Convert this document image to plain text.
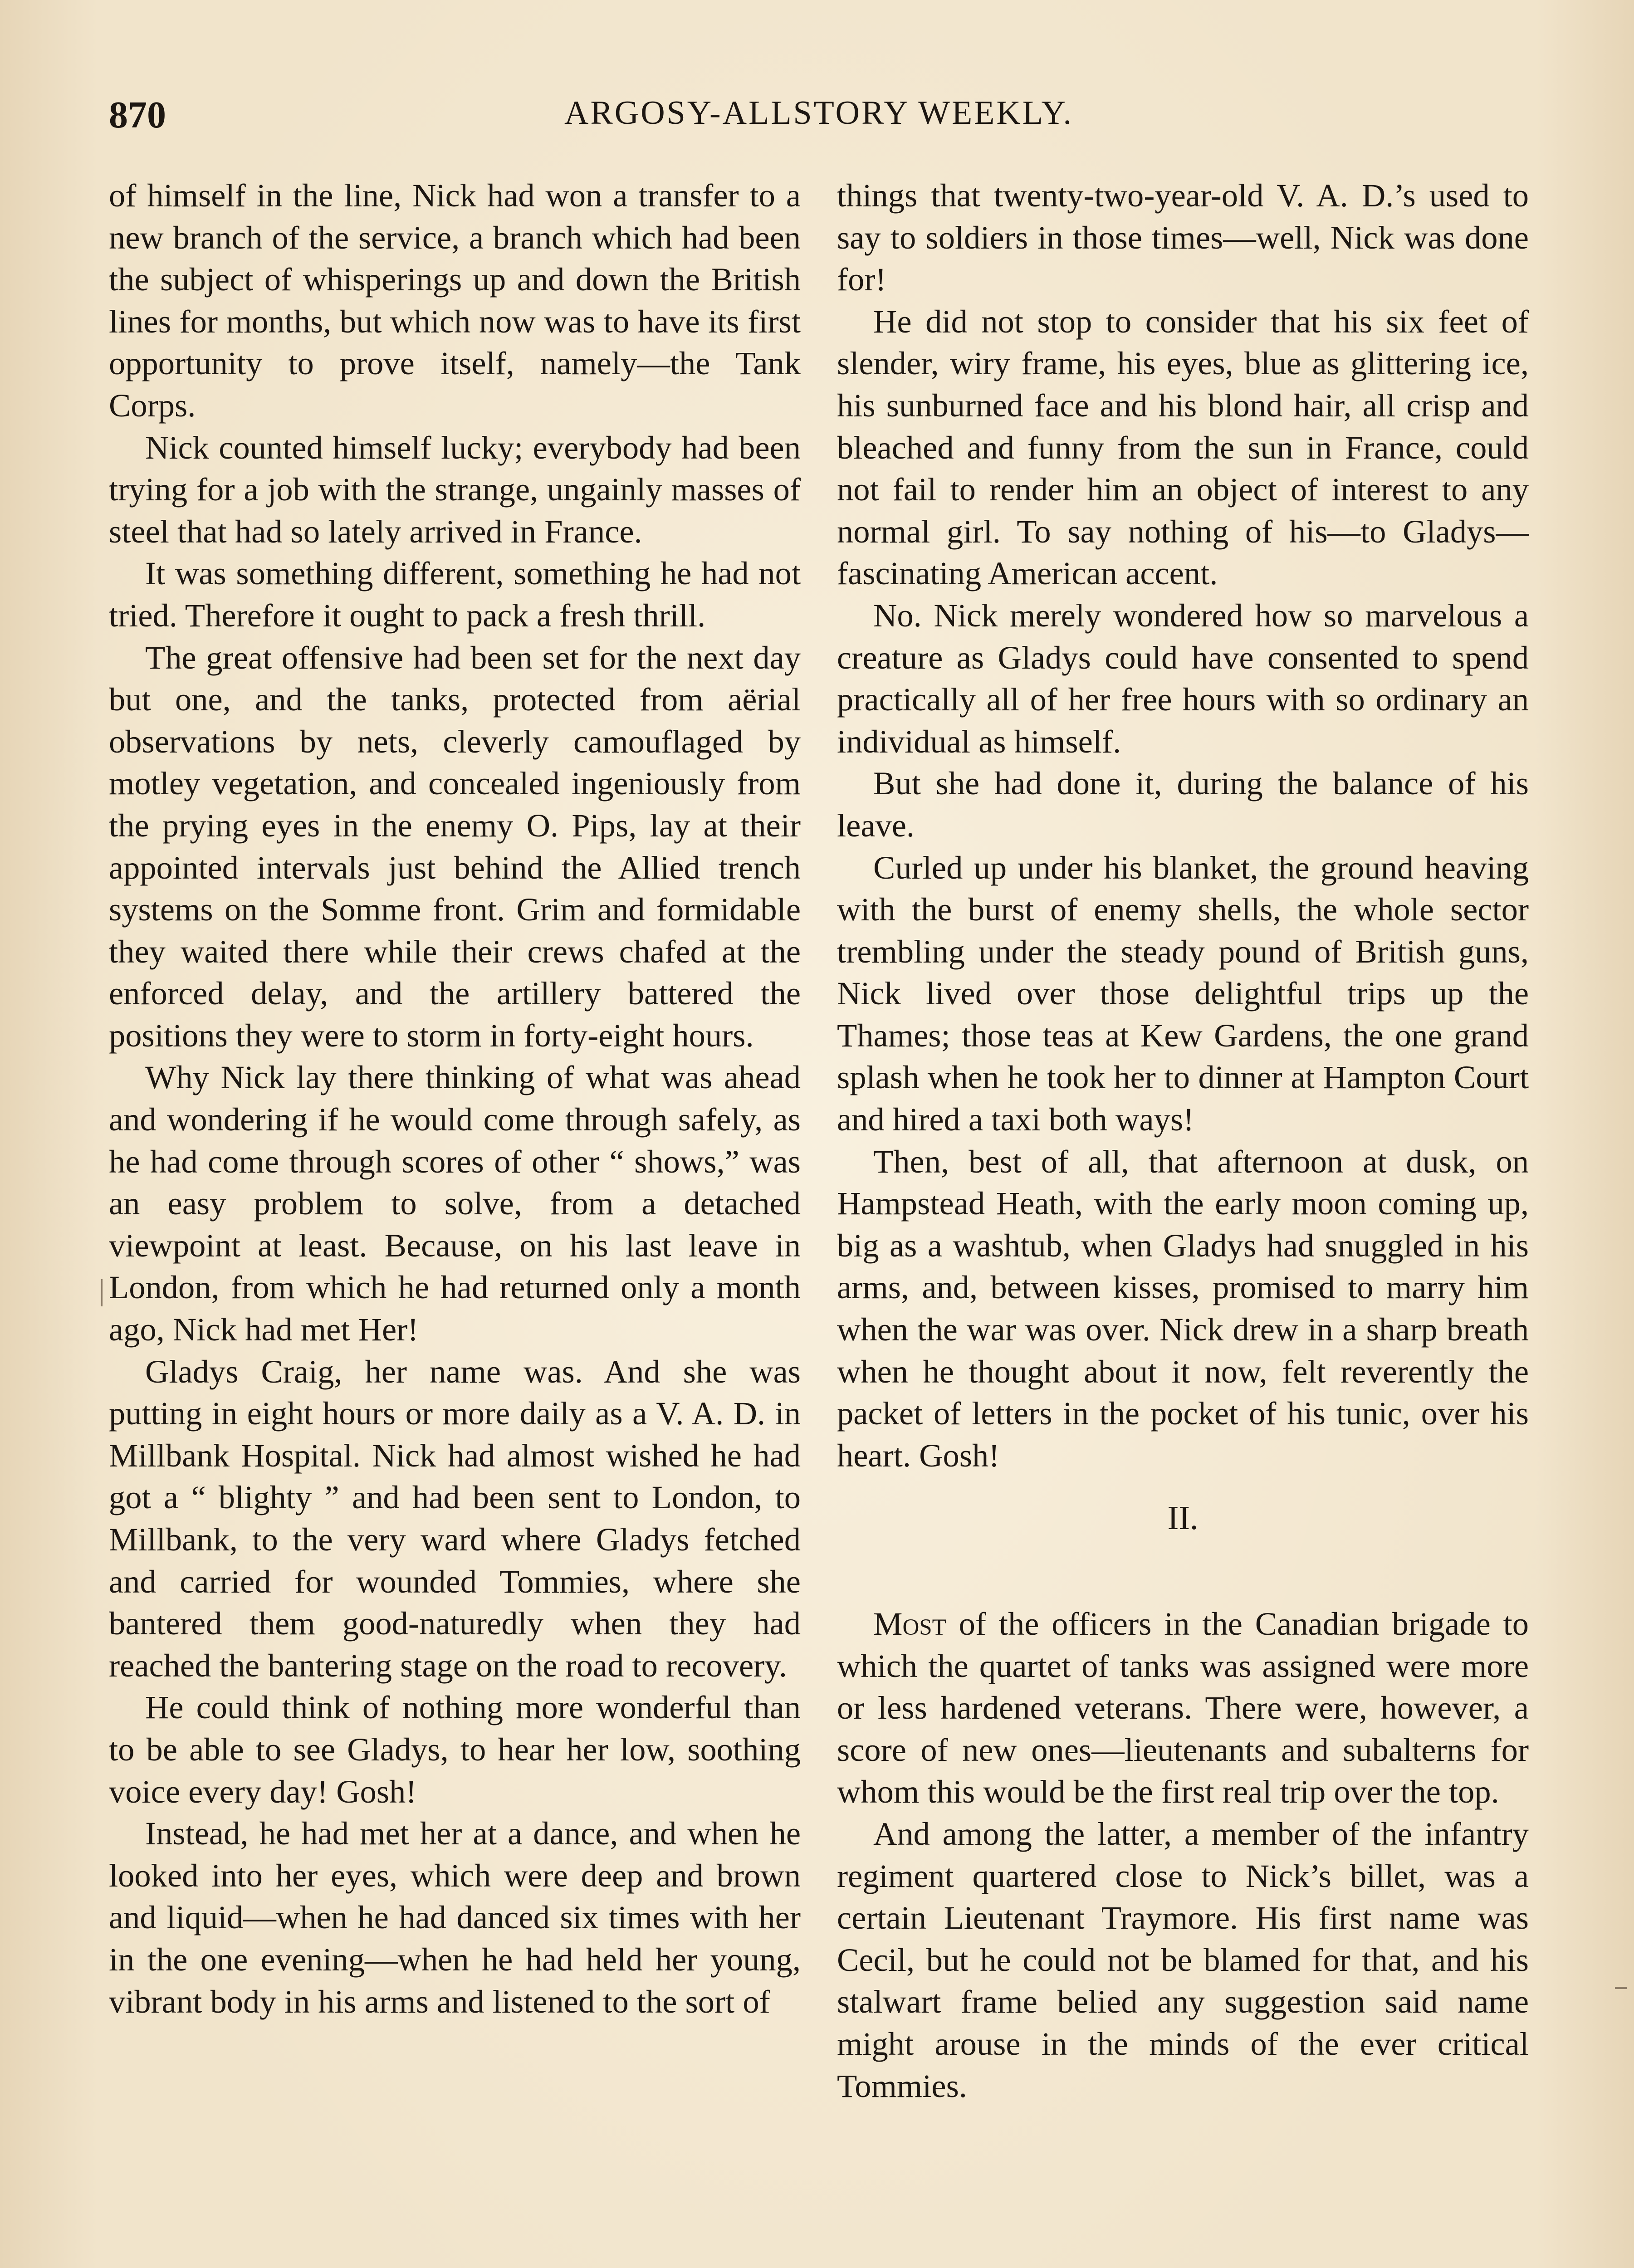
870	ARGOSY-ALLSTORY WEEKLY.

of himself in the line, Nick had won a transfer to a new branch of the service, a branch which had been the subject of whisperings up and down the British lines for months, but which now was to have its first opportunity to prove itself, namely—the Tank Corps.

Nick counted himself lucky; everybody had been trying for a job with the strange, ungainly masses of steel that had so lately arrived in France.

It was something different, something he had not tried. Therefore it ought to pack a fresh thrill.

The great offensive had been set for the next day but one, and the tanks, protected from aërial observations by nets, cleverly camouflaged by motley vegetation, and concealed ingeniously from the prying eyes in the enemy O. Pips, lay at their appointed intervals just behind the Allied trench systems on the Somme front. Grim and formidable they waited there while their crews chafed at the enforced delay, and the artillery battered the positions they were to storm in forty-eight hours.

Why Nick lay there thinking of what was ahead and wondering if he would come through safely, as he had come through scores of other “ shows,” was an easy problem to solve, from a detached viewpoint at least. Because, on his last leave in London, from which he had returned only a month ago, Nick had met Her!

Gladys Craig, her name was. And she was putting in eight hours or more daily as a V. A. D. in Millbank Hospital. Nick had almost wished he had got a “ blighty ” and had been sent to London, to Millbank, to the very ward where Gladys fetched and carried for wounded Tommies, where she bantered them good-naturedly when they had reached the bantering stage on the road to recovery.

He could think of nothing more wonderful than to be able to see Gladys, to hear her low, soothing voice every day! Gosh!

Instead, he had met her at a dance, and when he looked into her eyes, which were deep and brown and liquid—when he had danced six times with her in the one evening—when he had held her young, vibrant body in his arms and listened to the sort of

things that twenty-two-year-old V. A. D.’s used to say to soldiers in those times—well, Nick was done for!

He did not stop to consider that his six feet of slender, wiry frame, his eyes, blue as glittering ice, his sunburned face and his blond hair, all crisp and bleached and funny from the sun in France, could not fail to render him an object of interest to any normal girl. To say nothing of his—to Gladys—fascinating American accent.

No. Nick merely wondered how so marvelous a creature as Gladys could have consented to spend practically all of her free hours with so ordinary an individual as himself.

But she had done it, during the balance of his leave.

Curled up under his blanket, the ground heaving with the burst of enemy shells, the whole sector trembling under the steady pound of British guns, Nick lived over those delightful trips up the Thames; those teas at Kew Gardens, the one grand splash when he took her to dinner at Hampton Court and hired a taxi both ways!

Then, best of all, that afternoon at dusk, on Hampstead Heath, with the early moon coming up, big as a washtub, when Gladys had snuggled in his arms, and, between kisses, promised to marry him when the war was over. Nick drew in a sharp breath when he thought about it now, felt reverently the packet of letters in the pocket of his tunic, over his heart. Gosh!

II.

Most of the officers in the Canadian brigade to which the quartet of tanks was assigned were more or less hardened veterans. There were, however, a score of new ones—lieutenants and subalterns for whom this would be the first real trip over the top.

And among the latter, a member of the infantry regiment quartered close to Nick’s billet, was a certain Lieutenant Traymore. His first name was Cecil, but he could not be blamed for that, and his stalwart frame belied any suggestion said name might arouse in the minds of the ever critical Tommies.
